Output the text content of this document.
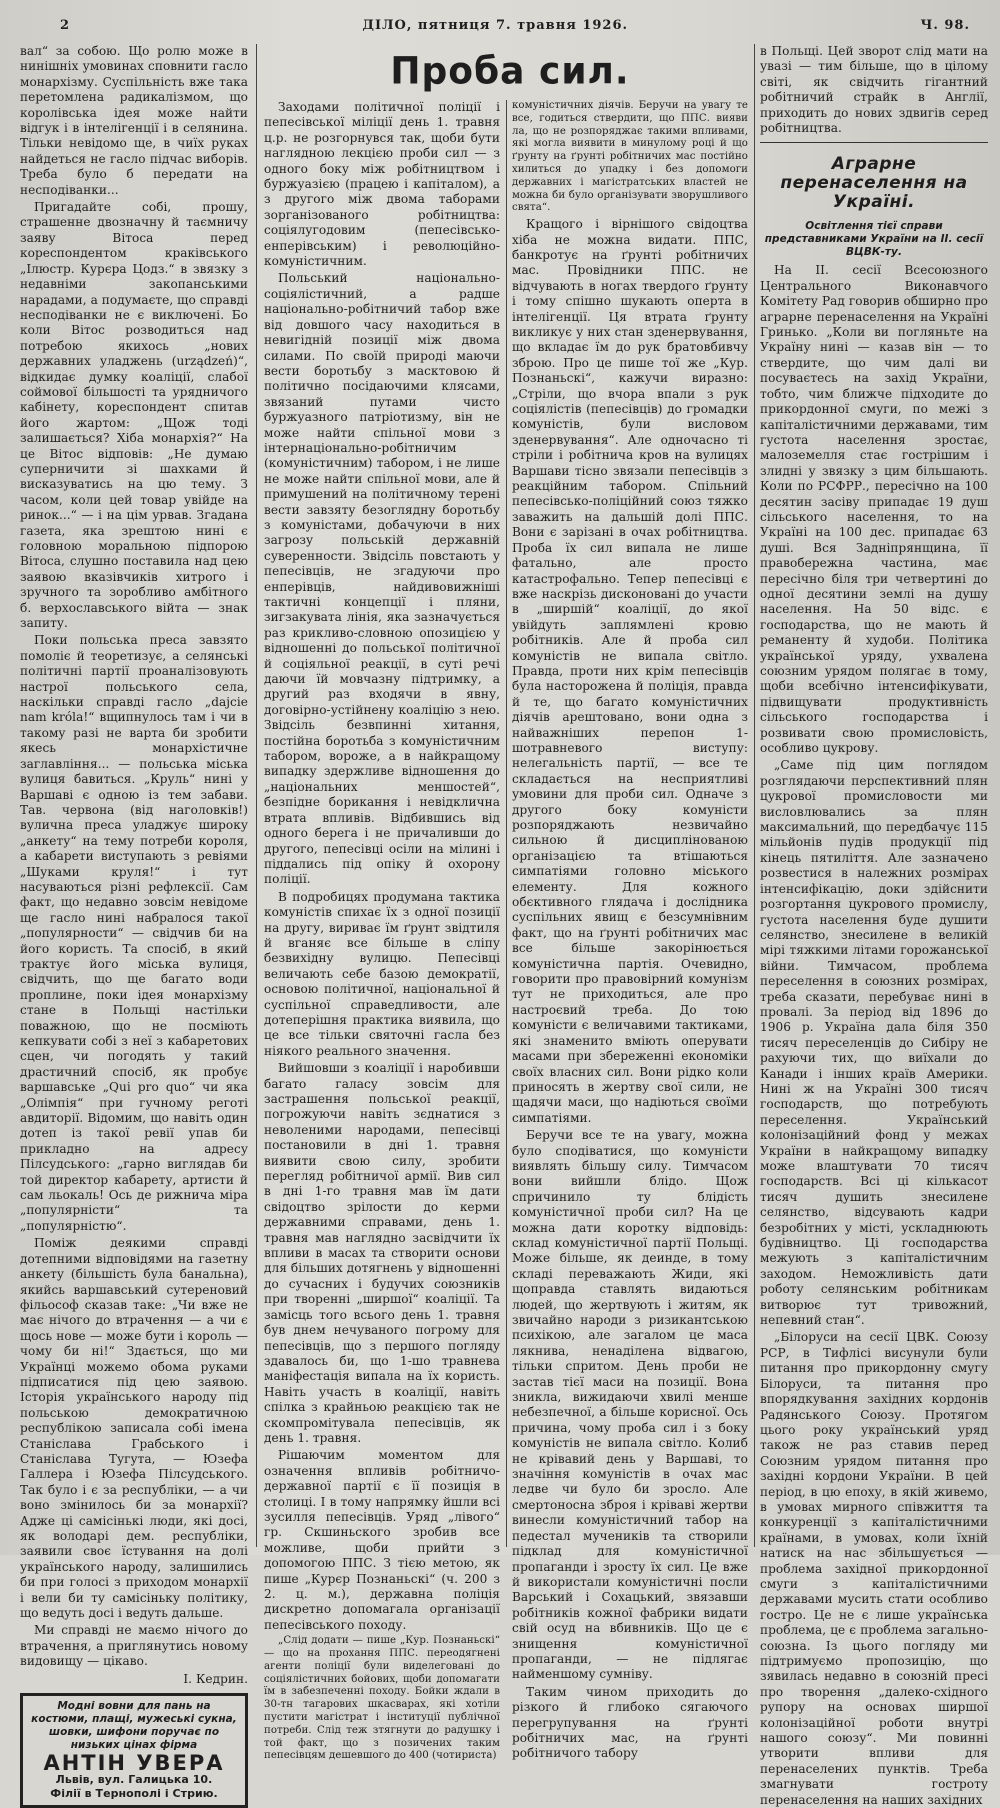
2	ДІЛО, пятниця 7. травня 1926.	Ч. 98.

вал“ за собою. Що ролю може в нинішніх умовинах сповнити гасло монархізму. Суспільність вже така перетомлена радикалізмом, що королівська ідея може найти відгук і в інтелігенції і в селянина. Тільки невідомо ще, в чиїх руках найдеться не гасло підчас виборів. Треба було б передати на несподіванки...

Пригадайте собі, прошу, страшенне двозначну й таємничу заяву Вітоса перед кореспондентом краківського „Ілюстр. Курєра Цодз.“ в звязку з недавніми закопанськими нарадами, а подумаєте, що справді несподіванки не є виключені. Бо коли Вітос розводиться над потребою якихось „нових державних уладжень (urządzeń)“, відкидає думку коаліції, слабої соймової більшості та урядничого кабінету, кореспондент спитав його жартом: „Щож тоді залишається? Хіба монархія?“ На це Вітос відповів: „Не думаю суперничити зі шахками й висказуватись на цю тему. З часом, коли цей товар увійде на ринок...“ — і на цім урвав. Згадана газета, яка зрештою нині є головною моральною підпорою Вітоса, слушно поставила над цею заявою вказівчиків хитрого і зручного та зоробливо амбітного б. верхославського війта — знак запиту.

Поки польська преса завзято помоліє й теоретизує, а селянські політичні партії проаналізовують настрої польського села, наскільки справді гасло „dajcie nam króla!“ вщипнулось там і чи в такому разі не варта би зробити якесь монархістичне заглавління... — польська міська вулиця бавиться. „Круль“ нині у Варшаві є одною із тем забави. Тав. червона (від наголовків!) вулична преса уладжує широку „анкету“ на тему потреби короля, а кабарети виступають з ревіями „Шуками круля!“ і тут насуваються різні рефлексії. Сам факт, що недавно зовсім невідоме ще гасло нині набралося такої „популярности“ — свідчив би на його користь. Та спосіб, в який трактує його міська вулиця, свідчить, що ще багато води проплине, поки ідея монархізму стане в Польщі настільки поважною, що не посміють кепкувати собі з неї з кабаретових сцен, чи погодять у такий драстичний спосіб, як пробує варшавське „Qui pro quo“ чи яка „Олімпія“ при гучному реготі авдиторії. Відомим, що навіть один дотеп із такої ревії упав би прикладно на адресу Пілсудського: „гарно виглядав би той директор кабарету, артисти й сам льокаль! Ось де рижнича міра „популярністи“ та „популярністю“.

Поміж деякими справді дотепними відповідями на газетну анкету (більшість була банальна), якийсь варшавський сутереновий фільософ сказав таке: „Чи вже не має нічого до втрачення — а чи є щось нове — може бути і король — чому би ні!“ Здається, що ми Українці можемо обома руками підписатися під цею заявою. Історія українського народу під польською демократичною республікою записала собі імена Станіслава Грабського і Станіслава Тугута, — Юзефа Галлера і Юзефа Пілсудського. Так було і є за республіки, — а чи воно змінилось би за монархії? Адже ці самісінькі люди, які досі, як володарі дем. республіки, заявили своє їстування на долі українського народу, залишились би при голосі з приходом монархії і вели би ту самісіньку політику, що ведуть досі і ведуть дальше.

Ми справді не маємо нічого до втрачення, а приглянутись новому видовищу — цікаво.

І. Кедрин.

Модні вовни для пань на костюми, плащі, мужеські сукна, шовки, шифони поручає по низьких цінах фірма
АНТІН УВЕРА
Львів, вул. Галицька 10.
Філії в Тернополі і Стрию.
Проба сил.

Заходами політичної поліції і пепесівської міліції день 1. травня ц.р. не розгорнувся так, щоби бути наглядною лекцією проби сил — з одного боку між робітництвом і буржуазією (працею і капіталом), а з другого між двома таборами зорганізованого робітництва: соціялугодовим (пепесівсько-енперівським) і революційно-комуністичним.

Польський національно-соціялістичний, а радше національно-робітничий табор вже від довшого часу находиться в невигідній позиції між двома силами. По своїй природі маючи вести боротьбу з масктовою й політично посідаючими клясами, звязаний путами чисто буржуазного патріотизму, він не може найти спільної мови з інтернаціонально-робітничим (комуністичним) табором, і не лише не може найти спільної мови, але й примушений на політичному терені вести завзяту безоглядну боротьбу з комуністами, добачуючи в них загрозу польській державній суверенности. Звідсіль повстають у пепесівців, не згадуючи про енперівців, найдивовижніші тактичні концепції і пляни, зигзакувата лінія, яка зазначується раз крикливо-словною опозицією у відношенні до польської політичної й соціяльної реакції, в суті речі даючи їй мовчазну підтримку, а другий раз входячи в явну, договірно-устійнену коаліцію з нею. Звідсіль безвпинні хитання, постійна боротьба з комуністичним табором, вороже, а в найкращому випадку здержливе відношення до „національних меншостей“, безпідне борикання і невідклична втрата впливів. Відбившись від одного берега і не причаливши до другого, пепесівці осіли на мілині і піддались під опіку й охорону поліції.

В подробицях продумана тактика комуністів спихає їх з одної позиції на другу, вириває їм ґрунт звідтиля й вганяє все більше в сліпу безвихідну вулицю. Пепесівці величають себе базою демократії, основою політичної, національної й суспільної справедливости, але дотеперішня практика виявила, що це все тільки святочні гасла без ніякого реального значення.

Вийшовши з коаліції і наробивши багато галасу зовсім для застрашення польської реакції, погрожуючи навіть зєднатися з неволеними народами, пепесівці постановили в дні 1. травня виявити свою силу, зробити перегляд робітничої армії. Вив сил в дні 1-го травня мав їм дати свідоцтво зрілости до керми державними справами, день 1. травня мав наглядно засвідчити їх впливи в масах та створити основи для більших дотягнень у відношенні до сучасних і будучих союзників при творенні „ширшої“ коаліції. Та замісць того всього день 1. травня був днем нечуваного погрому для пепесівців, що з першого погляду здавалось би, що 1-шо травнева маніфестація випала на їх користь. Навіть участь в коаліції, навіть спілка з крайньою реакцією так не скомпромітувала пепесівців, як день 1. травня.

Рішаючим моментом для означення впливів робітничо-державної партії є її позиція в столиці. І в тому напрямку йшли всі зусилля пепесівців. Уряд „лівого“ гр. Скшиньского зробив все можливе, щоби прийти з допомогою ППС. З тією метою, як пише „Курєр Познаньскі“ (ч. 200 з 2. ц. м.), державна поліція дискретно допомагала організації пепесівського походу.

„Слід додати — пише „Кур. Познаньскі“ — що на прохання ППС. переодягнені агенти поліції були виделеговані до соціялістичних бойових, щоби допомагати їм в забезпеченні походу. Бойки ждали в 30-тн тагарових шкасварах, які хотіли пустити магістрат і інституції публічної потреби. Слід теж зтягнути до радушку і той факт, що з позичених таким пепесівцям дешевшого до 400 (чотириста)

комуністичних діячів. Беручи на увагу те все, годиться ствердити, що ППС. вияви ла, що не розпоряджає такими впливами, які могла виявити в минулому році й що ґрунту на ґрунті робітничих мас постійно хилиться до упадку і без допомоги державних і магістратських властей не можна би було організувати зворушливого свята“.

Кращого і вірнішого свідоцтва хіба не можна видати. ППС, банкротує на ґрунті робітничих мас. Провідники ППС. не відчувають в ногах твердого ґрунту і тому спішно шукають оперта в інтелігенції. Ця втрата ґрунту викликує у них стан зденервування, що вкладає їм до рук братовбивчу зброю. Про це пише тої же „Кур. Познаньскі“, кажучи виразно: „Стріли, що вчора впали з рук соціялістів (пепесівців) до громадки комуністів, були висловом зденервування“. Але одночасно ті стріли і робітнича кров на вулицях Варшави тісно звязали пепесівців з реакційним табором. Спільний пепесівсько-поліційний союз тяжко заважить на дальшій долі ППС. Вони є зарізані в очах робітництва. Проба їх сил випала не лише фатально, але просто катастрофально. Тепер пепесівці є вже наскрізь дисконовані до участи в „ширшій“ коаліції, до якої увійдуть заплямлені кровю робітників. Але й проба сил комуністів не випала світло. Правда, проти них крім пепесівців була насторожена й поліція, правда й те, що багато комуністичних діячів арештовано, вони одна з найважніших перепон 1-шотравневого виступу: нелегальність партії, — все те складається на несприятливі умовини для проби сил. Одначе з другого боку комуністи розпоряджають незвичайно сильною й дисциплінованою організацією та втішаються симпатіями головно міського елементу. Для кожного обєктивного глядача і дослідника суспільних явищ є безсумнівним факт, що на ґрунті робітничих мас все більше закорінюється комуністична партія. Очевидно, говорити про правовірний комунізм тут не приходиться, але про настроєвий треба. До тою комуністи є величавими тактиками, які знаменито вміють оперувати масами при збереженні економіки своїх власних сил. Вони рідко коли приносять в жертву свої сили, не щадячи маси, що надіються своїми симпатіями.

Беручи все те на увагу, можна було сподіватися, що комуністи виявлять більшу силу. Тимчасом вони вийшли блідо. Щож спричинило ту блідість комуністичної проби сил? На це можна дати коротку відповідь: склад комуністичної партії Польщі. Може більше, як деинде, в тому складі переважають Жиди, які щоправда ставлять видаються людей, що жертвують і житям, як звичайно народи з ризикантською психікою, але загалом це маса лякнива, ненаділена відвагою, тільки спритом. День проби не застав тієї маси на позиції. Вона зникла, вижидаючи хвилі менше небезпечної, а більше кориснoї. Ось причина, чому проба сил і з боку комуністів не випала світло. Колиб не крівавий день у Варшаві, то значіння комуністів в очах мас ледве чи було би зросло. Але смертоносна зброя і кріваві жертви винесли комуністичний табор на педестал мучеників та створили підклад для комуністичної пропаганди і зросту їх сил. Це вже й використали комуністичні посли Варський і Сохацький, звязавши робітників кожної фабрики видати свій осуд на вбивників. Що це є знищення комуністичної пропаганди, — не підлягає найменшому сумніву.

Таким чином приходить до різкого й глибоко сягаючого перегрупування на ґрунті робітничих мас, на ґрунті робітничого табору

в Польщі. Цей зворот слід мати на увазі — тим більше, що в цілому світі, як свідчить гігантний робітничий страйк в Англії, приходить до нових здвигів серед робітництва.

Аграрне перенаселення на Україні.
Освітлення тієї справи представниками України на ІІ. сесії ВЦВК-ту.

На ІІ. сесії Всесоюзного Центрального Виконавчого Комітету Рад говорив обширно про аграрне перенаселення на Україні Гринько. „Коли ви погляньте на Україну нині — казав він — то ствердите, що чим далі ви посуваєтесь на захід України, тобто, чим ближче підходите до прикордонної смуги, по межі з капіталістичними державами, тим густота населення зростає, малоземелля стає гострішим і злидні у звязку з цим більшають. Коли по РСФРР., пересічно на 100 десятин засіву припадає 19 душ сільського населення, то на Україні на 100 дес. припадає 63 душі. Вся Задніпрянщина, її правобережна частина, має пересічно біля три четвертині до одної десятини землі на душу населення. На 50 відс. є господарства, що не мають й реманенту й худоби. Політика української уряду, ухвалена союзним урядом полягає в тому, щоби всебічно інтенсифікувати, підвищувати продуктивність сільського господарства і розвивати свою промисловість, особливо цукрову.

„Саме під цим поглядом розглядаючи перспективний плян цукрової промисловости ми висловлювались за плян максимальний, що передбачує 115 мільйонів пудів продукції під кінець пятиліття. Але зазначено розвестися в належних розмірах інтенсифікацію, доки здійснити розгортання цукрового промислу, густота населення буде душити селянство, знесилене в великій мірі тяжкими літами горожанської війни. Тимчасом, проблема переселення в союзних розмірах, треба сказати, перебуває нині в провалі. За період від 1896 до 1906 р. Україна дала біля 350 тисяч переселенців до Сибіру не рахуючи тих, що виїхали до Канади і інших країв Америки. Нині ж на Україні 300 тисяч господарств, що потребують переселення. Український колонізаційний фонд у межах України в найкращому випадку може влаштувати 70 тисяч господарств. Всі ці кількасот тисяч душить знесилене селянство, відсувають кадри безробітних у місті, ускладнюють будівництво. Ці господарства межують з капіталістичним заходом. Неможливість дати роботу селянським робітникам витворює тут тривожний, непевний стан“.

„Білоруси на сесії ЦВК. Союзу РСР, в Тифлісі висунули були питання про прикордонну смугу Білоруси, та питання про впорядкування західних кордонів Радянського Союзу. Протягом цього року український уряд також не раз ставив перед Союзним урядом питання про західні кордони України. В цей період, в цю епоху, в якій живемо, в умовах мирного співжиття та конкуренції з капіталістичними країнами, в умовах, коли їхній натиск на нас збільшується — проблема західної прикордонної смуги з капіталістичними державами мусить стати особливо гостро. Це не є лише українська проблема, це є проблема загально-союзна. Із цього погляду ми підтримуємо пропозицію, що зявилась недавно в союзній пресі про творення „далеко-східного рупору на основах ширшої колонізаційної роботи внутрі нашого союзу“. Ми повинні утворити впливи для перенаселених пунктів. Треба змагнувати гостроту перенаселення на наших західних
